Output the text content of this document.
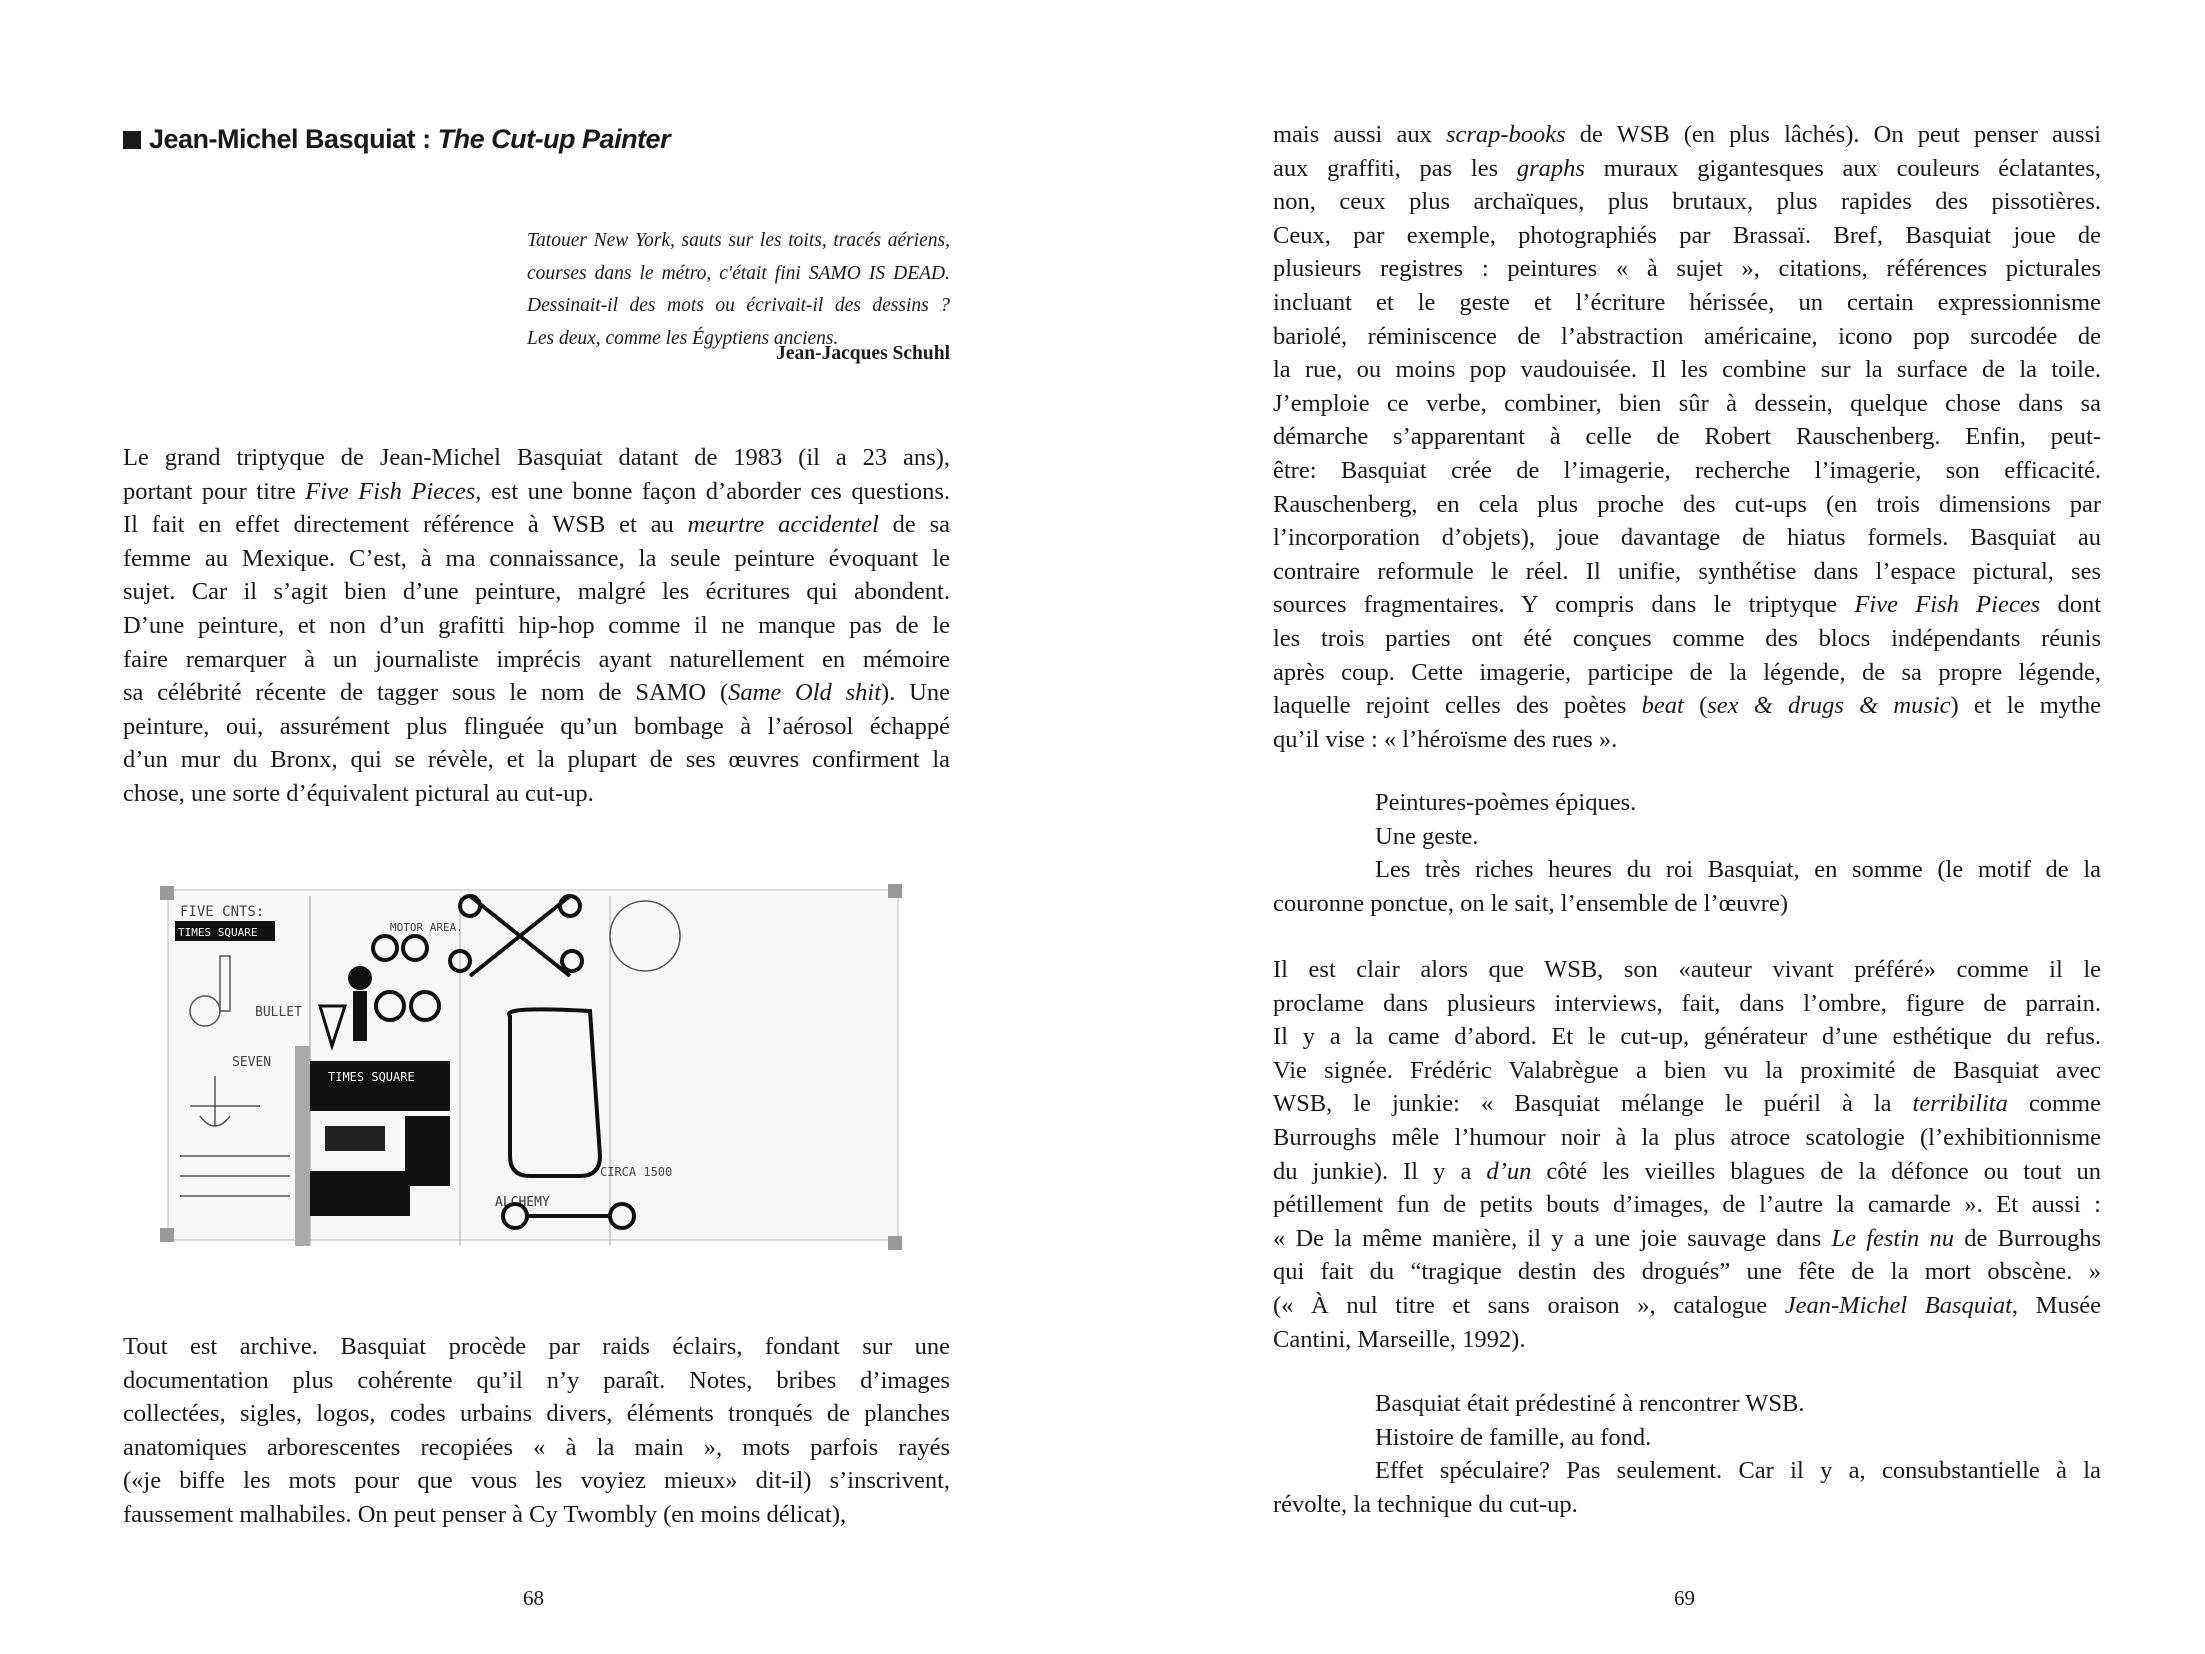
Jean-Michel Basquiat : The Cut-up Painter
Tatouer New York, sauts sur les toits, tracés aériens,
courses dans le métro, c'était fini SAMO IS DEAD.
Dessinait-il des mots ou écrivait-il des dessins ?
Les deux, comme les Égyptiens anciens.
Jean-Jacques Schuhl
Le grand triptyque de Jean-Michel Basquiat datant de 1983 (il a 23 ans),
portant pour titre Five Fish Pieces, est une bonne façon d’aborder ces questions.
Il fait en effet directement référence à WSB et au meurtre accidentel de sa
femme au Mexique. C’est, à ma connaissance, la seule peinture évoquant le
sujet. Car il s’agit bien d’une peinture, malgré les écritures qui abondent.
D’une peinture, et non d’un grafitti hip-hop comme il ne manque pas de le
faire remarquer à un journaliste imprécis ayant naturellement en mémoire
sa célébrité récente de tagger sous le nom de SAMO (Same Old shit). Une
peinture, oui, assurément plus flinguée qu’un bombage à l’aérosol échappé
d’un mur du Bronx, qui se révèle, et la plupart de ses œuvres confirment la
chose, une sorte d’équivalent pictural au cut-up.
FIVE CNTS:
TIMES SQUARE
SEVEN
BULLET
MOTOR AREA.
ALCHEMY
CIRCA 1500
TIMES SQUARE
Tout est archive. Basquiat procède par raids éclairs, fondant sur une
documentation plus cohérente qu’il n’y paraît. Notes, bribes d’images
collectées, sigles, logos, codes urbains divers, éléments tronqués de planches
anatomiques arborescentes recopiées « à la main », mots parfois rayés
(«je biffe les mots pour que vous les voyiez mieux» dit-il) s’inscrivent,
faussement malhabiles. On peut penser à Cy Twombly (en moins délicat),
68
mais aussi aux scrap-books de WSB (en plus lâchés). On peut penser aussi
aux graffiti, pas les graphs muraux gigantesques aux couleurs éclatantes,
non, ceux plus archaïques, plus brutaux, plus rapides des pissotières.
Ceux, par exemple, photographiés par Brassaï. Bref, Basquiat joue de
plusieurs registres : peintures « à sujet », citations, références picturales
incluant et le geste et l’écriture hérissée, un certain expressionnisme
bariolé, réminiscence de l’abstraction américaine, icono pop surcodée de
la rue, ou moins pop vaudouisée. Il les combine sur la surface de la toile.
J’emploie ce verbe, combiner, bien sûr à dessein, quelque chose dans sa
démarche s’apparentant à celle de Robert Rauschenberg. Enfin, peut-
être: Basquiat crée de l’imagerie, recherche l’imagerie, son efficacité.
Rauschenberg, en cela plus proche des cut-ups (en trois dimensions par
l’incorporation d’objets), joue davantage de hiatus formels. Basquiat au
contraire reformule le réel. Il unifie, synthétise dans l’espace pictural, ses
sources fragmentaires. Y compris dans le triptyque Five Fish Pieces dont
les trois parties ont été conçues comme des blocs indépendants réunis
après coup. Cette imagerie, participe de la légende, de sa propre légende,
laquelle rejoint celles des poètes beat (sex & drugs & music) et le mythe
qu’il vise : « l’héroïsme des rues ».
Peintures-poèmes épiques.
Une geste.
Les très riches heures du roi Basquiat, en somme (le motif de la
couronne ponctue, on le sait, l’ensemble de l’œuvre)
Il est clair alors que WSB, son «auteur vivant préféré» comme il le
proclame dans plusieurs interviews, fait, dans l’ombre, figure de parrain.
Il y a la came d’abord. Et le cut-up, générateur d’une esthétique du refus.
Vie signée. Frédéric Valabrègue a bien vu la proximité de Basquiat avec
WSB, le junkie: « Basquiat mélange le puéril à la terribilita comme
Burroughs mêle l’humour noir à la plus atroce scatologie (l’exhibitionnisme
du junkie). Il y a d’un côté les vieilles blagues de la défonce ou tout un
pétillement fun de petits bouts d’images, de l’autre la camarde ». Et aussi :
« De la même manière, il y a une joie sauvage dans Le festin nu de Burroughs
qui fait du “tragique destin des drogués” une fête de la mort obscène. »
(« À nul titre et sans oraison », catalogue Jean-Michel Basquiat, Musée
Cantini, Marseille, 1992).
Basquiat était prédestiné à rencontrer WSB.
Histoire de famille, au fond.
Effet spéculaire? Pas seulement. Car il y a, consubstantielle à la
révolte, la technique du cut-up.
69
